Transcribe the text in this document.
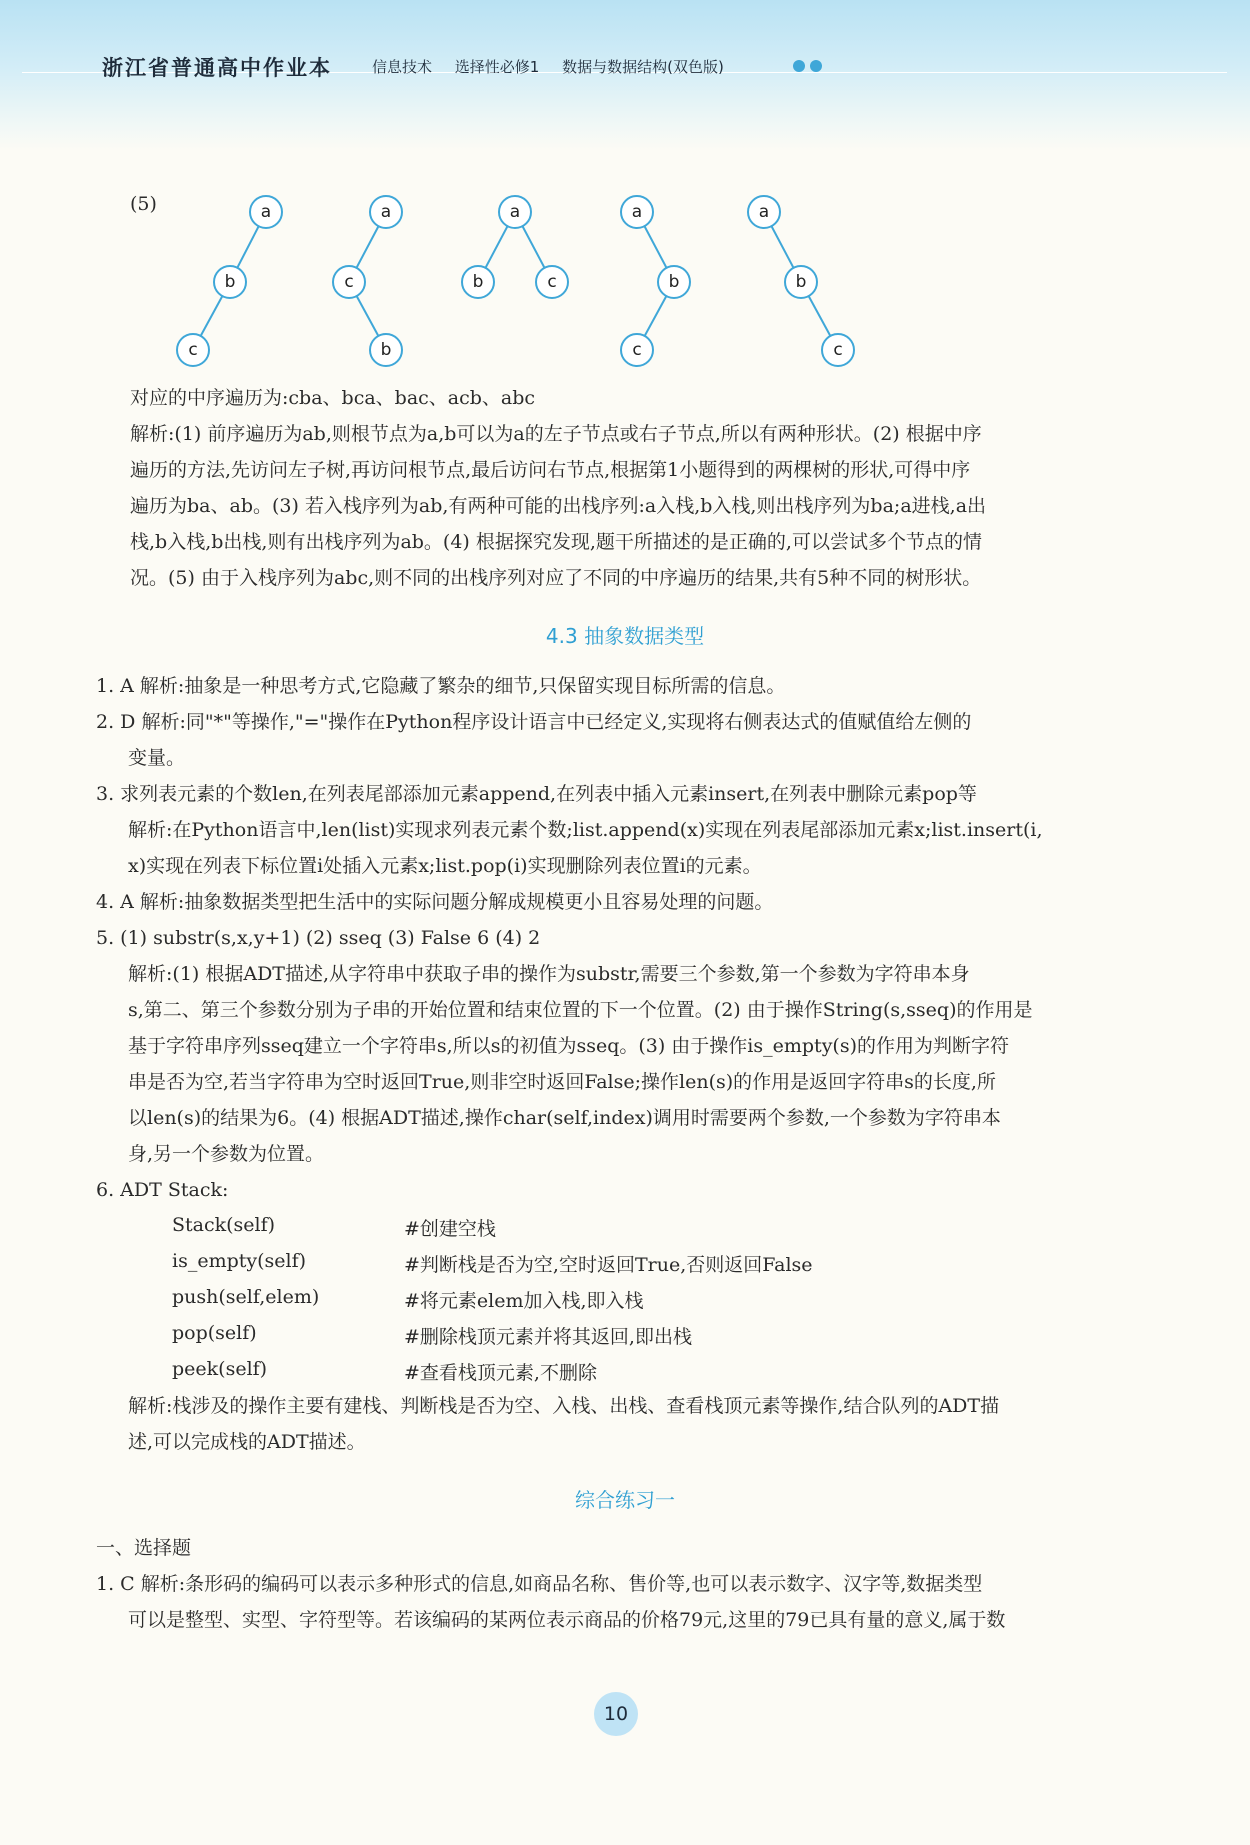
浙江省普通高中作业本	信息技术 选择性必修1 数据与数据结构(双色版)
(5)	a
b
c
a
c
b
a
b	c
a
b
c
a
b
c
对应的中序遍历为:cba、bca、bac、acb、abc
解析:(1) 前序遍历为ab,则根节点为a,b可以为a的左子节点或右子节点,所以有两种形状。(2) 根据中序
遍历的方法,先访问左子树,再访问根节点,最后访问右节点,根据第1小题得到的两棵树的形状,可得中序
遍历为ba、ab。(3) 若入栈序列为ab,有两种可能的出栈序列:a入栈,b入栈,则出栈序列为ba;a进栈,a出
栈,b入栈,b出栈,则有出栈序列为ab。(4) 根据探究发现,题干所描述的是正确的,可以尝试多个节点的情
况。(5) 由于入栈序列为abc,则不同的出栈序列对应了不同的中序遍历的结果,共有5种不同的树形状。
4.3 抽象数据类型
1. A 解析:抽象是一种思考方式,它隐藏了繁杂的细节,只保留实现目标所需的信息。
2. D 解析:同"*"等操作,"="操作在Python程序设计语言中已经定义,实现将右侧表达式的值赋值给左侧的
变量。
3. 求列表元素的个数len,在列表尾部添加元素append,在列表中插入元素insert,在列表中删除元素pop等
解析:在Python语言中,len(list)实现求列表元素个数;list.append(x)实现在列表尾部添加元素x;list.insert(i,
x)实现在列表下标位置i处插入元素x;list.pop(i)实现删除列表位置i的元素。
4. A 解析:抽象数据类型把生活中的实际问题分解成规模更小且容易处理的问题。
5. (1) substr(s,x,y+1) (2) sseq (3) False 6 (4) 2
解析:(1) 根据ADT描述,从字符串中获取子串的操作为substr,需要三个参数,第一个参数为字符串本身
s,第二、第三个参数分别为子串的开始位置和结束位置的下一个位置。(2) 由于操作String(s,sseq)的作用是
基于字符串序列sseq建立一个字符串s,所以s的初值为sseq。(3) 由于操作is_empty(s)的作用为判断字符
串是否为空,若当字符串为空时返回True,则非空时返回False;操作len(s)的作用是返回字符串s的长度,所
以len(s)的结果为6。(4) 根据ADT描述,操作char(self,index)调用时需要两个参数,一个参数为字符串本
身,另一个参数为位置。
6. ADT Stack:
Stack(self)	#创建空栈
is_empty(self)	#判断栈是否为空,空时返回True,否则返回False
push(self,elem)	#将元素elem加入栈,即入栈
pop(self)	#删除栈顶元素并将其返回,即出栈
peek(self)	#查看栈顶元素,不删除
解析:栈涉及的操作主要有建栈、判断栈是否为空、入栈、出栈、查看栈顶元素等操作,结合队列的ADT描
述,可以完成栈的ADT描述。
综合练习一
一、选择题
1. C 解析:条形码的编码可以表示多种形式的信息,如商品名称、售价等,也可以表示数字、汉字等,数据类型
可以是整型、实型、字符型等。若该编码的某两位表示商品的价格79元,这里的79已具有量的意义,属于数
10
